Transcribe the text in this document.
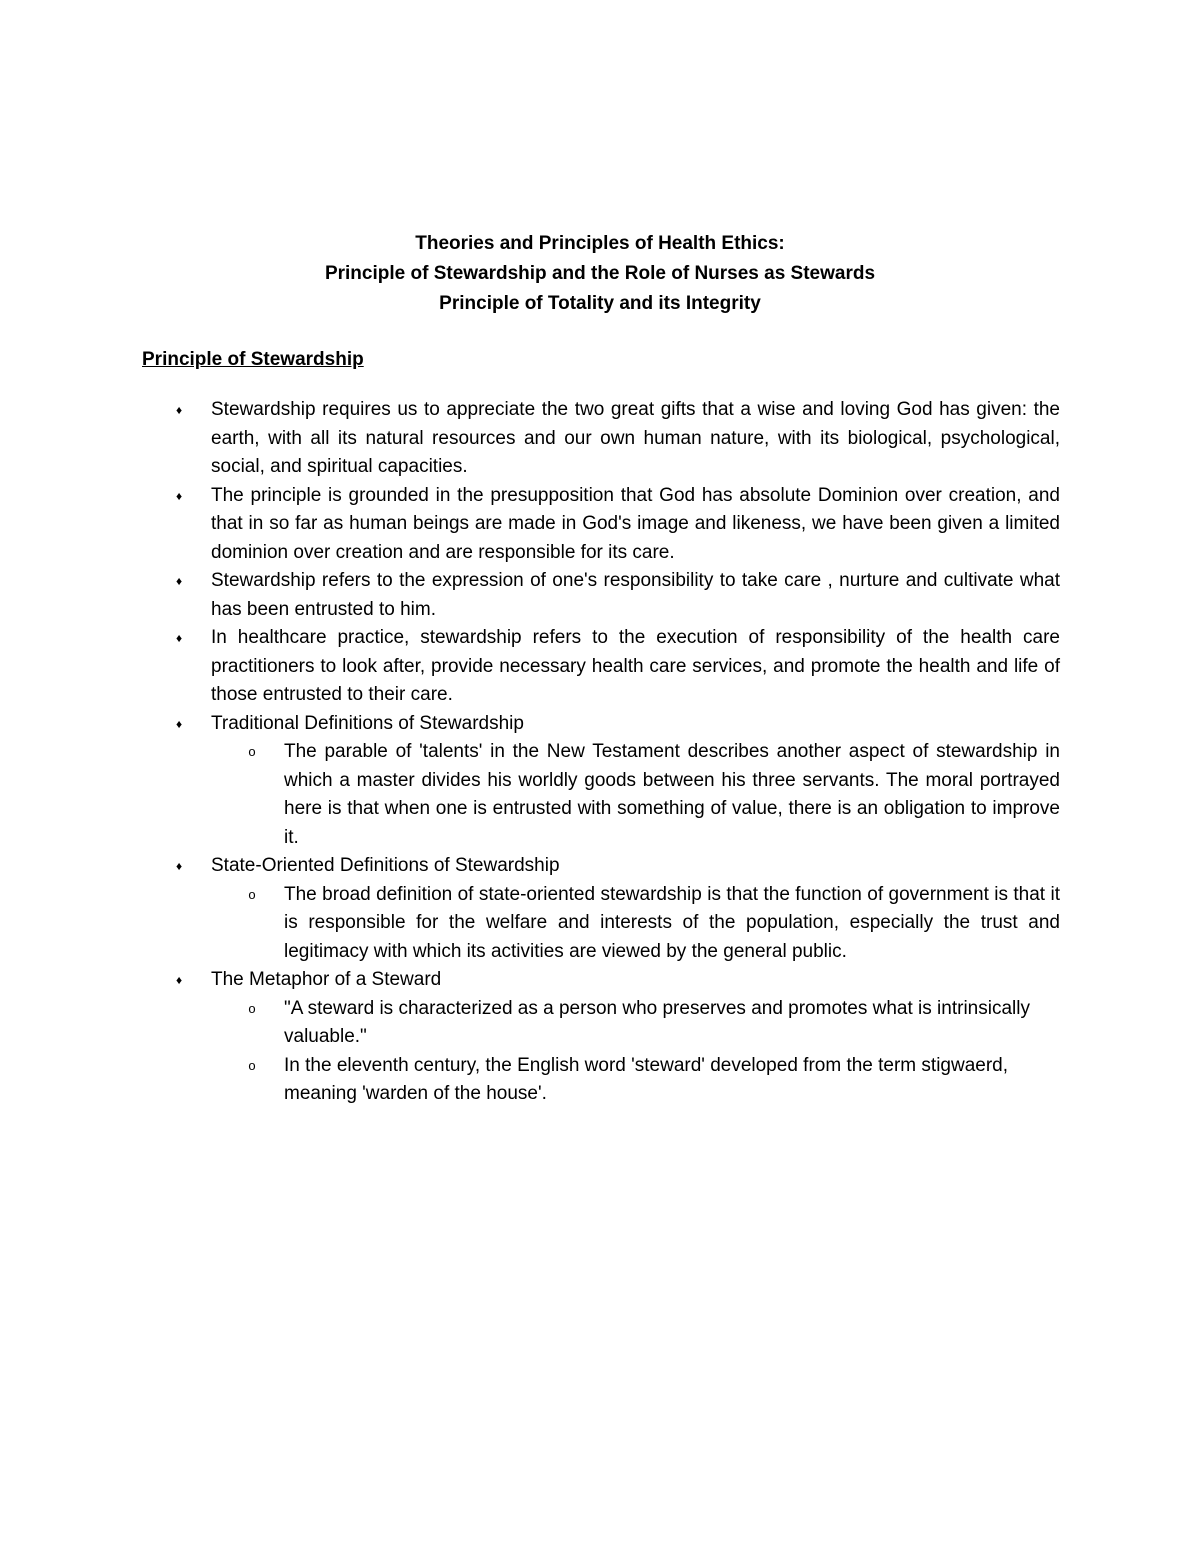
Theories and Principles of Health Ethics:
Principle of Stewardship and the Role of Nurses as Stewards
Principle of Totality and its Integrity
Principle of Stewardship
♦ Stewardship requires us to appreciate the two great gifts that a wise and loving God has given: the earth, with all its natural resources and our own human nature, with its biological, psychological, social, and spiritual capacities.
♦ The principle is grounded in the presupposition that God has absolute Dominion over creation, and that in so far as human beings are made in God's image and likeness, we have been given a limited dominion over creation and are responsible for its care.
♦ Stewardship refers to the expression of one's responsibility to take care , nurture and cultivate what has been entrusted to him.
♦ In healthcare practice, stewardship refers to the execution of responsibility of the health care practitioners to look after, provide necessary health care services, and promote the health and life of those entrusted to their care.
♦ Traditional Definitions of Stewardship
o The parable of 'talents' in the New Testament describes another aspect of stewardship in which a master divides his worldly goods between his three servants. The moral portrayed here is that when one is entrusted with something of value, there is an obligation to improve it.
♦ State-Oriented Definitions of Stewardship
o The broad definition of state-oriented stewardship is that the function of government is that it is responsible for the welfare and interests of the population, especially the trust and legitimacy with which its activities are viewed by the general public.
♦ The Metaphor of a Steward
o "A steward is characterized as a person who preserves and promotes what is intrinsically valuable."
o In the eleventh century, the English word 'steward' developed from the term stigwaerd, meaning 'warden of the house'.
